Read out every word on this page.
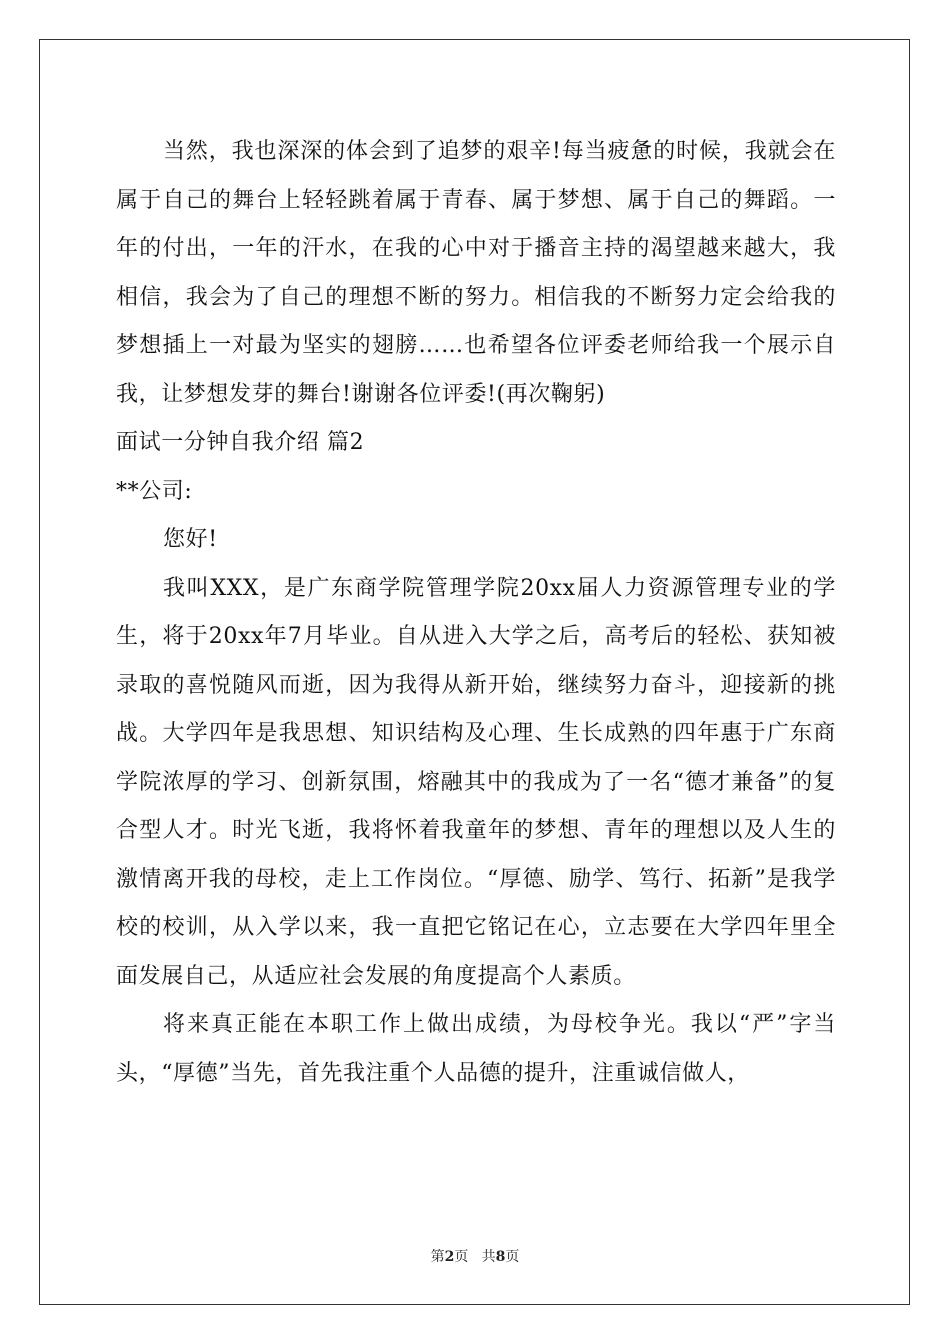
当然，我也深深的体会到了追梦的艰辛!每当疲惫的时候，我就会在属于自己的舞台上轻轻跳着属于青春、属于梦想、属于自己的舞蹈。一年的付出，一年的汗水，在我的心中对于播音主持的渴望越来越大，我相信，我会为了自己的理想不断的努力。相信我的不断努力定会给我的梦想插上一对最为坚实的翅膀……也希望各位评委老师给我一个展示自我，让梦想发芽的舞台!谢谢各位评委!(再次鞠躬)

面试一分钟自我介绍 篇2

**公司:

您好!

我叫XXX，是广东商学院管理学院20xx届人力资源管理专业的学生，将于20xx年7月毕业。自从进入大学之后，高考后的轻松、获知被录取的喜悦随风而逝，因为我得从新开始，继续努力奋斗，迎接新的挑战。大学四年是我思想、知识结构及心理、生长成熟的四年惠于广东商学院浓厚的学习、创新氛围，熔融其中的我成为了一名“德才兼备”的复合型人才。时光飞逝，我将怀着我童年的梦想、青年的理想以及人生的激情离开我的母校，走上工作岗位。“厚德、励学、笃行、拓新”是我学校的校训，从入学以来，我一直把它铭记在心，立志要在大学四年里全面发展自己，从适应社会发展的角度提高个人素质。

将来真正能在本职工作上做出成绩，为母校争光。我以“严”字当头，“厚德”当先，首先我注重个人品德的提升，注重诚信做人，

第2页 共8页
